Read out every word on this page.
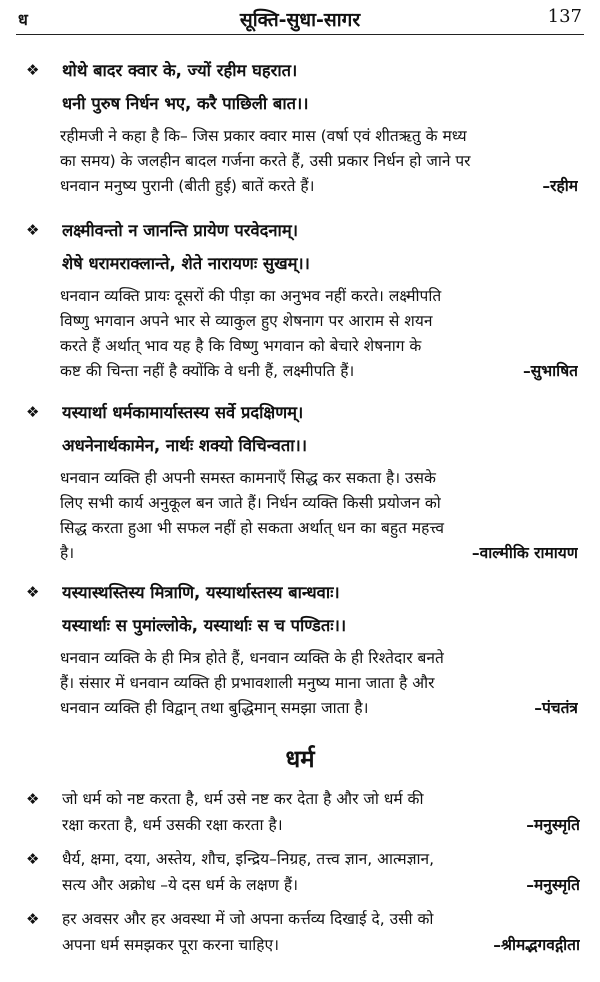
ध	सूक्ति-सुधा-सागर	137
❖ थोथे बादर क्वार के, ज्यों रहीम घहरात।
धनी पुरुष निर्धन भए, करै पाछिली बात।।
रहीमजी ने कहा है कि– जिस प्रकार क्वार मास (वर्षा एवं शीतऋतु के मध्य
का समय) के जलहीन बादल गर्जना करते हैं, उसी प्रकार निर्धन हो जाने पर
–रहीम
धनवान मनुष्य पुरानी (बीती हुई) बातें करते हैं।
❖ लक्ष्मीवन्तो न जानन्ति प्रायेण परवेदनाम्।
शेषे धरामराक्लान्ते, शेते नारायणः सुखम्।।
धनवान व्यक्ति प्रायः दूसरों की पीड़ा का अनुभव नहीं करते। लक्ष्मीपति
विष्णु भगवान अपने भार से व्याकुल हुए शेषनाग पर आराम से शयन
करते हैं अर्थात् भाव यह है कि विष्णु भगवान को बेचारे शेषनाग के
–सुभाषित
कष्ट की चिन्ता नहीं है क्योंकि वे धनी हैं, लक्ष्मीपति हैं।
❖ यस्यार्था धर्मकामार्यास्तस्य सर्वे प्रदक्षिणम्।
अधनेनार्थकामेन, नार्थः शक्यो विचिन्वता।।
धनवान व्यक्ति ही अपनी समस्त कामनाएँ सिद्ध कर सकता है। उसके
लिए सभी कार्य अनुकूल बन जाते हैं। निर्धन व्यक्ति किसी प्रयोजन को
सिद्ध करता हुआ भी सफल नहीं हो सकता अर्थात् धन का बहुत महत्त्व
–वाल्मीकि रामायण
है।
❖ यस्यास्थस्तिस्य मित्राणि, यस्यार्थास्तस्य बान्धवाः।
यस्यार्थाः स पुमांल्लोके, यस्यार्थाः स च पण्डितः।।
धनवान व्यक्ति के ही मित्र होते हैं, धनवान व्यक्ति के ही रिश्तेदार बनते
हैं। संसार में धनवान व्यक्ति ही प्रभावशाली मनुष्य माना जाता है और
–पंचतंत्र
धनवान व्यक्ति ही विद्वान् तथा बुद्धिमान् समझा जाता है।
धर्म
❖ जो धर्म को नष्ट करता है, धर्म उसे नष्ट कर देता है और जो धर्म की
–मनुस्मृति
रक्षा करता है, धर्म उसकी रक्षा करता है।
❖ धैर्य, क्षमा, दया, अस्तेय, शौच, इन्द्रिय–निग्रह, तत्त्व ज्ञान, आत्मज्ञान,
–मनुस्मृति
सत्य और अक्रोध –ये दस धर्म के लक्षण हैं।
❖ हर अवसर और हर अवस्था में जो अपना कर्त्तव्य दिखाई दे, उसी को
–श्रीमद्भगवद्गीता
अपना धर्म समझकर पूरा करना चाहिए।
